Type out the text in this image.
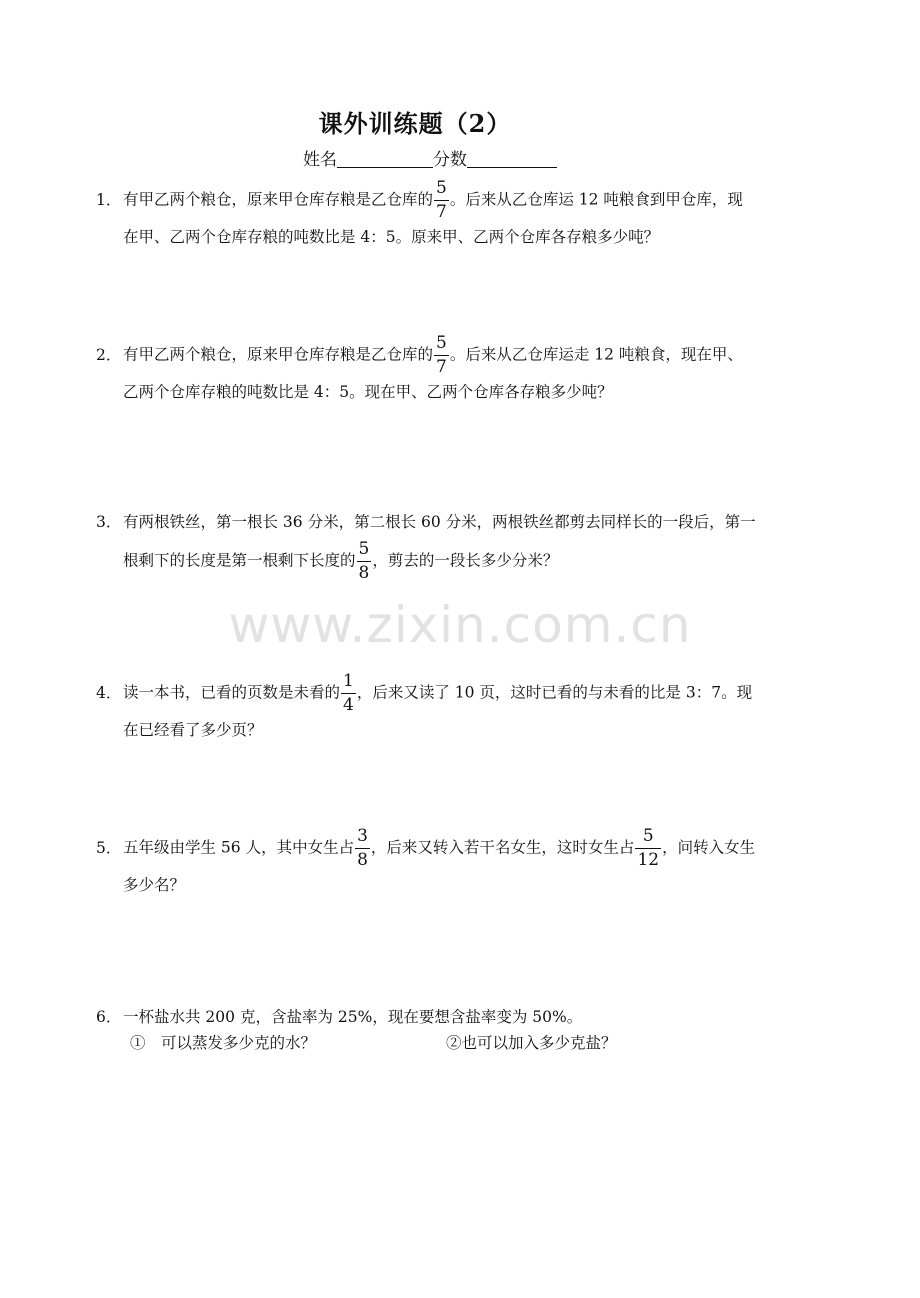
www.zixin.com.cn
课外训练题（2）
姓名	分数
1． 有甲乙两个粮仓，原来甲仓库存粮是乙仓库的 $\frac{5}{7}$ 。后来从乙仓库运 12 吨粮食到甲仓库，现
在甲、乙两个仓库存粮的吨数比是 4：5。原来甲、乙两个仓库各存粮多少吨？
2． 有甲乙两个粮仓，原来甲仓库存粮是乙仓库的 $\frac{5}{7}$ 。后来从乙仓库运走 12 吨粮食，现在甲、
乙两个仓库存粮的吨数比是 4：5。现在甲、乙两个仓库各存粮多少吨？
3． 有两根铁丝，第一根长 36 分米，第二根长 60 分米，两根铁丝都剪去同样长的一段后，第一
根剩下的长度是第一根剩下长度的 $\frac{5}{8}$ ，剪去的一段长多少分米？
4． 读一本书，已看的页数是未看的 $\frac{1}{4}$ ，后来又读了 10 页，这时已看的与未看的比是 3：7。现
在已经看了多少页？
5． 五年级由学生 56 人，其中女生占 $\frac{3}{8}$ ，后来又转入若干名女生，这时女生占 $\frac{5}{12}$ ，问转入女生
多少名？
6． 一杯盐水共 200 克，含盐率为 25%，现在要想含盐率变为 50%。
①　可以蒸发多少克的水？	②也可以加入多少克盐？
